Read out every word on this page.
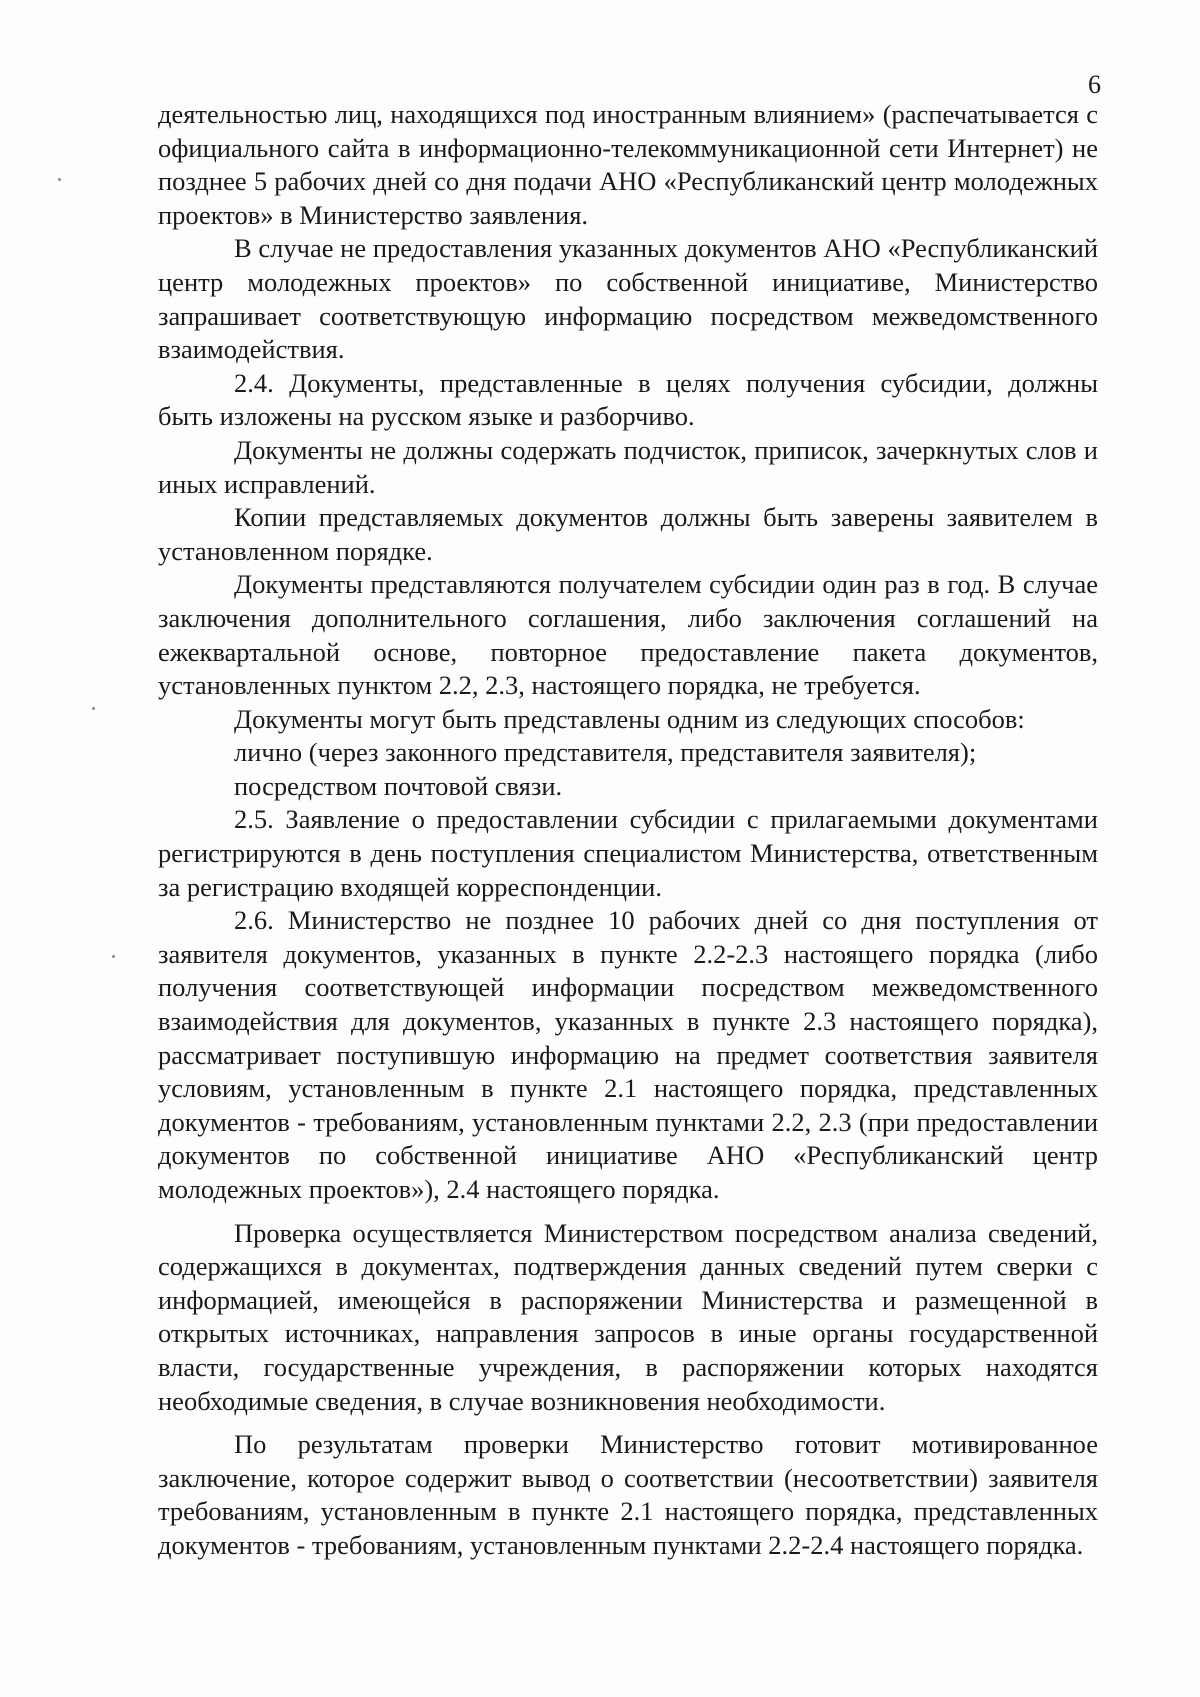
6

деятельностью лиц, находящихся под иностранным влиянием» (распечатывается с официального сайта в информационно-телекоммуникационной сети Интернет) не позднее 5 рабочих дней со дня подачи АНО «Республиканский центр молодежных проектов» в Министерство заявления.

В случае не предоставления указанных документов АНО «Республиканский центр молодежных проектов» по собственной инициативе, Министерство запрашивает соответствующую информацию посредством межведомственного взаимодействия.

2.4. Документы, представленные в целях получения субсидии, должны быть изложены на русском языке и разборчиво.

Документы не должны содержать подчисток, приписок, зачеркнутых слов и иных исправлений.

Копии представляемых документов должны быть заверены заявителем в установленном порядке.

Документы представляются получателем субсидии один раз в год. В случае заключения дополнительного соглашения, либо заключения соглашений на ежеквартальной основе, повторное предоставление пакета документов, установленных пунктом 2.2, 2.3, настоящего порядка, не требуется.

Документы могут быть представлены одним из следующих способов:

лично (через законного представителя, представителя заявителя);

посредством почтовой связи.

2.5. Заявление о предоставлении субсидии с прилагаемыми документами регистрируются в день поступления специалистом Министерства, ответственным за регистрацию входящей корреспонденции.

2.6. Министерство не позднее 10 рабочих дней со дня поступления от заявителя документов, указанных в пункте 2.2-2.3 настоящего порядка (либо получения соответствующей информации посредством межведомственного взаимодействия для документов, указанных в пункте 2.3 настоящего порядка), рассматривает поступившую информацию на предмет соответствия заявителя условиям, установленным в пункте 2.1 настоящего порядка, представленных документов - требованиям, установленным пунктами 2.2, 2.3 (при предоставлении документов по собственной инициативе АНО «Республиканский центр молодежных проектов»), 2.4 настоящего порядка.

Проверка осуществляется Министерством посредством анализа сведений, содержащихся в документах, подтверждения данных сведений путем сверки с информацией, имеющейся в распоряжении Министерства и размещенной в открытых источниках, направления запросов в иные органы государственной власти, государственные учреждения, в распоряжении которых находятся необходимые сведения, в случае возникновения необходимости.

По результатам проверки Министерство готовит мотивированное заключение, которое содержит вывод о соответствии (несоответствии) заявителя требованиям, установленным в пункте 2.1 настоящего порядка, представленных документов - требованиям, установленным пунктами 2.2-2.4 настоящего порядка.
